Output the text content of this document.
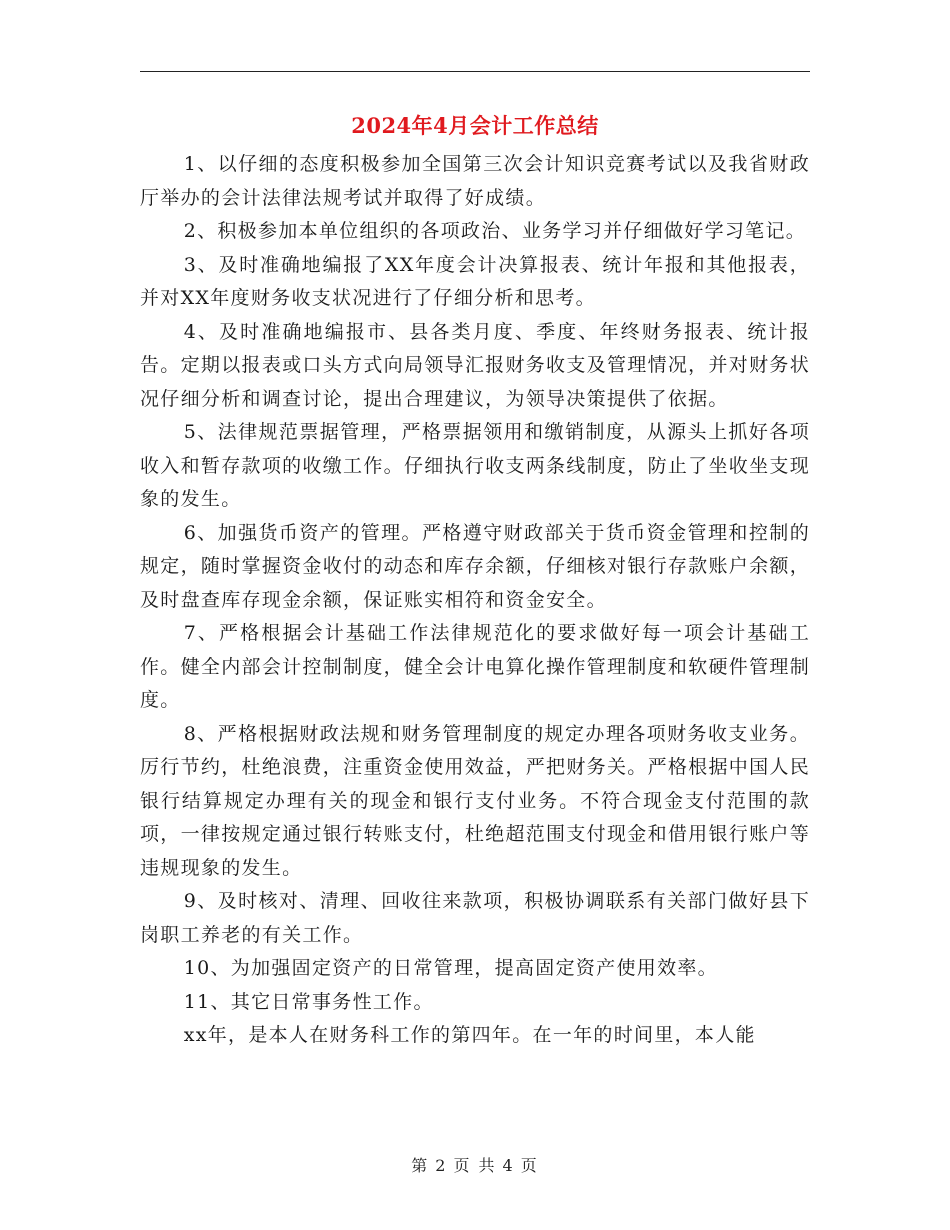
2024年4月会计工作总结

1、以仔细的态度积极参加全国第三次会计知识竞赛考试以及我省财政厅举办的会计法律法规考试并取得了好成绩。

2、积极参加本单位组织的各项政治、业务学习并仔细做好学习笔记。

3、及时准确地编报了XX年度会计决算报表、统计年报和其他报表，并对XX年度财务收支状况进行了仔细分析和思考。

4、及时准确地编报市、县各类月度、季度、年终财务报表、统计报告。定期以报表或口头方式向局领导汇报财务收支及管理情况，并对财务状况仔细分析和调查讨论，提出合理建议，为领导决策提供了依据。

5、法律规范票据管理，严格票据领用和缴销制度，从源头上抓好各项收入和暂存款项的收缴工作。仔细执行收支两条线制度，防止了坐收坐支现象的发生。

6、加强货币资产的管理。严格遵守财政部关于货币资金管理和控制的规定，随时掌握资金收付的动态和库存余额，仔细核对银行存款账户余额，及时盘查库存现金余额，保证账实相符和资金安全。

7、严格根据会计基础工作法律规范化的要求做好每一项会计基础工作。健全内部会计控制制度，健全会计电算化操作管理制度和软硬件管理制度。

8、严格根据财政法规和财务管理制度的规定办理各项财务收支业务。厉行节约，杜绝浪费，注重资金使用效益，严把财务关。严格根据中国人民银行结算规定办理有关的现金和银行支付业务。不符合现金支付范围的款项，一律按规定通过银行转账支付，杜绝超范围支付现金和借用银行账户等违规现象的发生。

9、及时核对、清理、回收往来款项，积极协调联系有关部门做好县下岗职工养老的有关工作。

10、为加强固定资产的日常管理，提高固定资产使用效率。

11、其它日常事务性工作。

xx年，是本人在财务科工作的第四年。在一年的时间里，本人能

第 2 页 共 4 页
